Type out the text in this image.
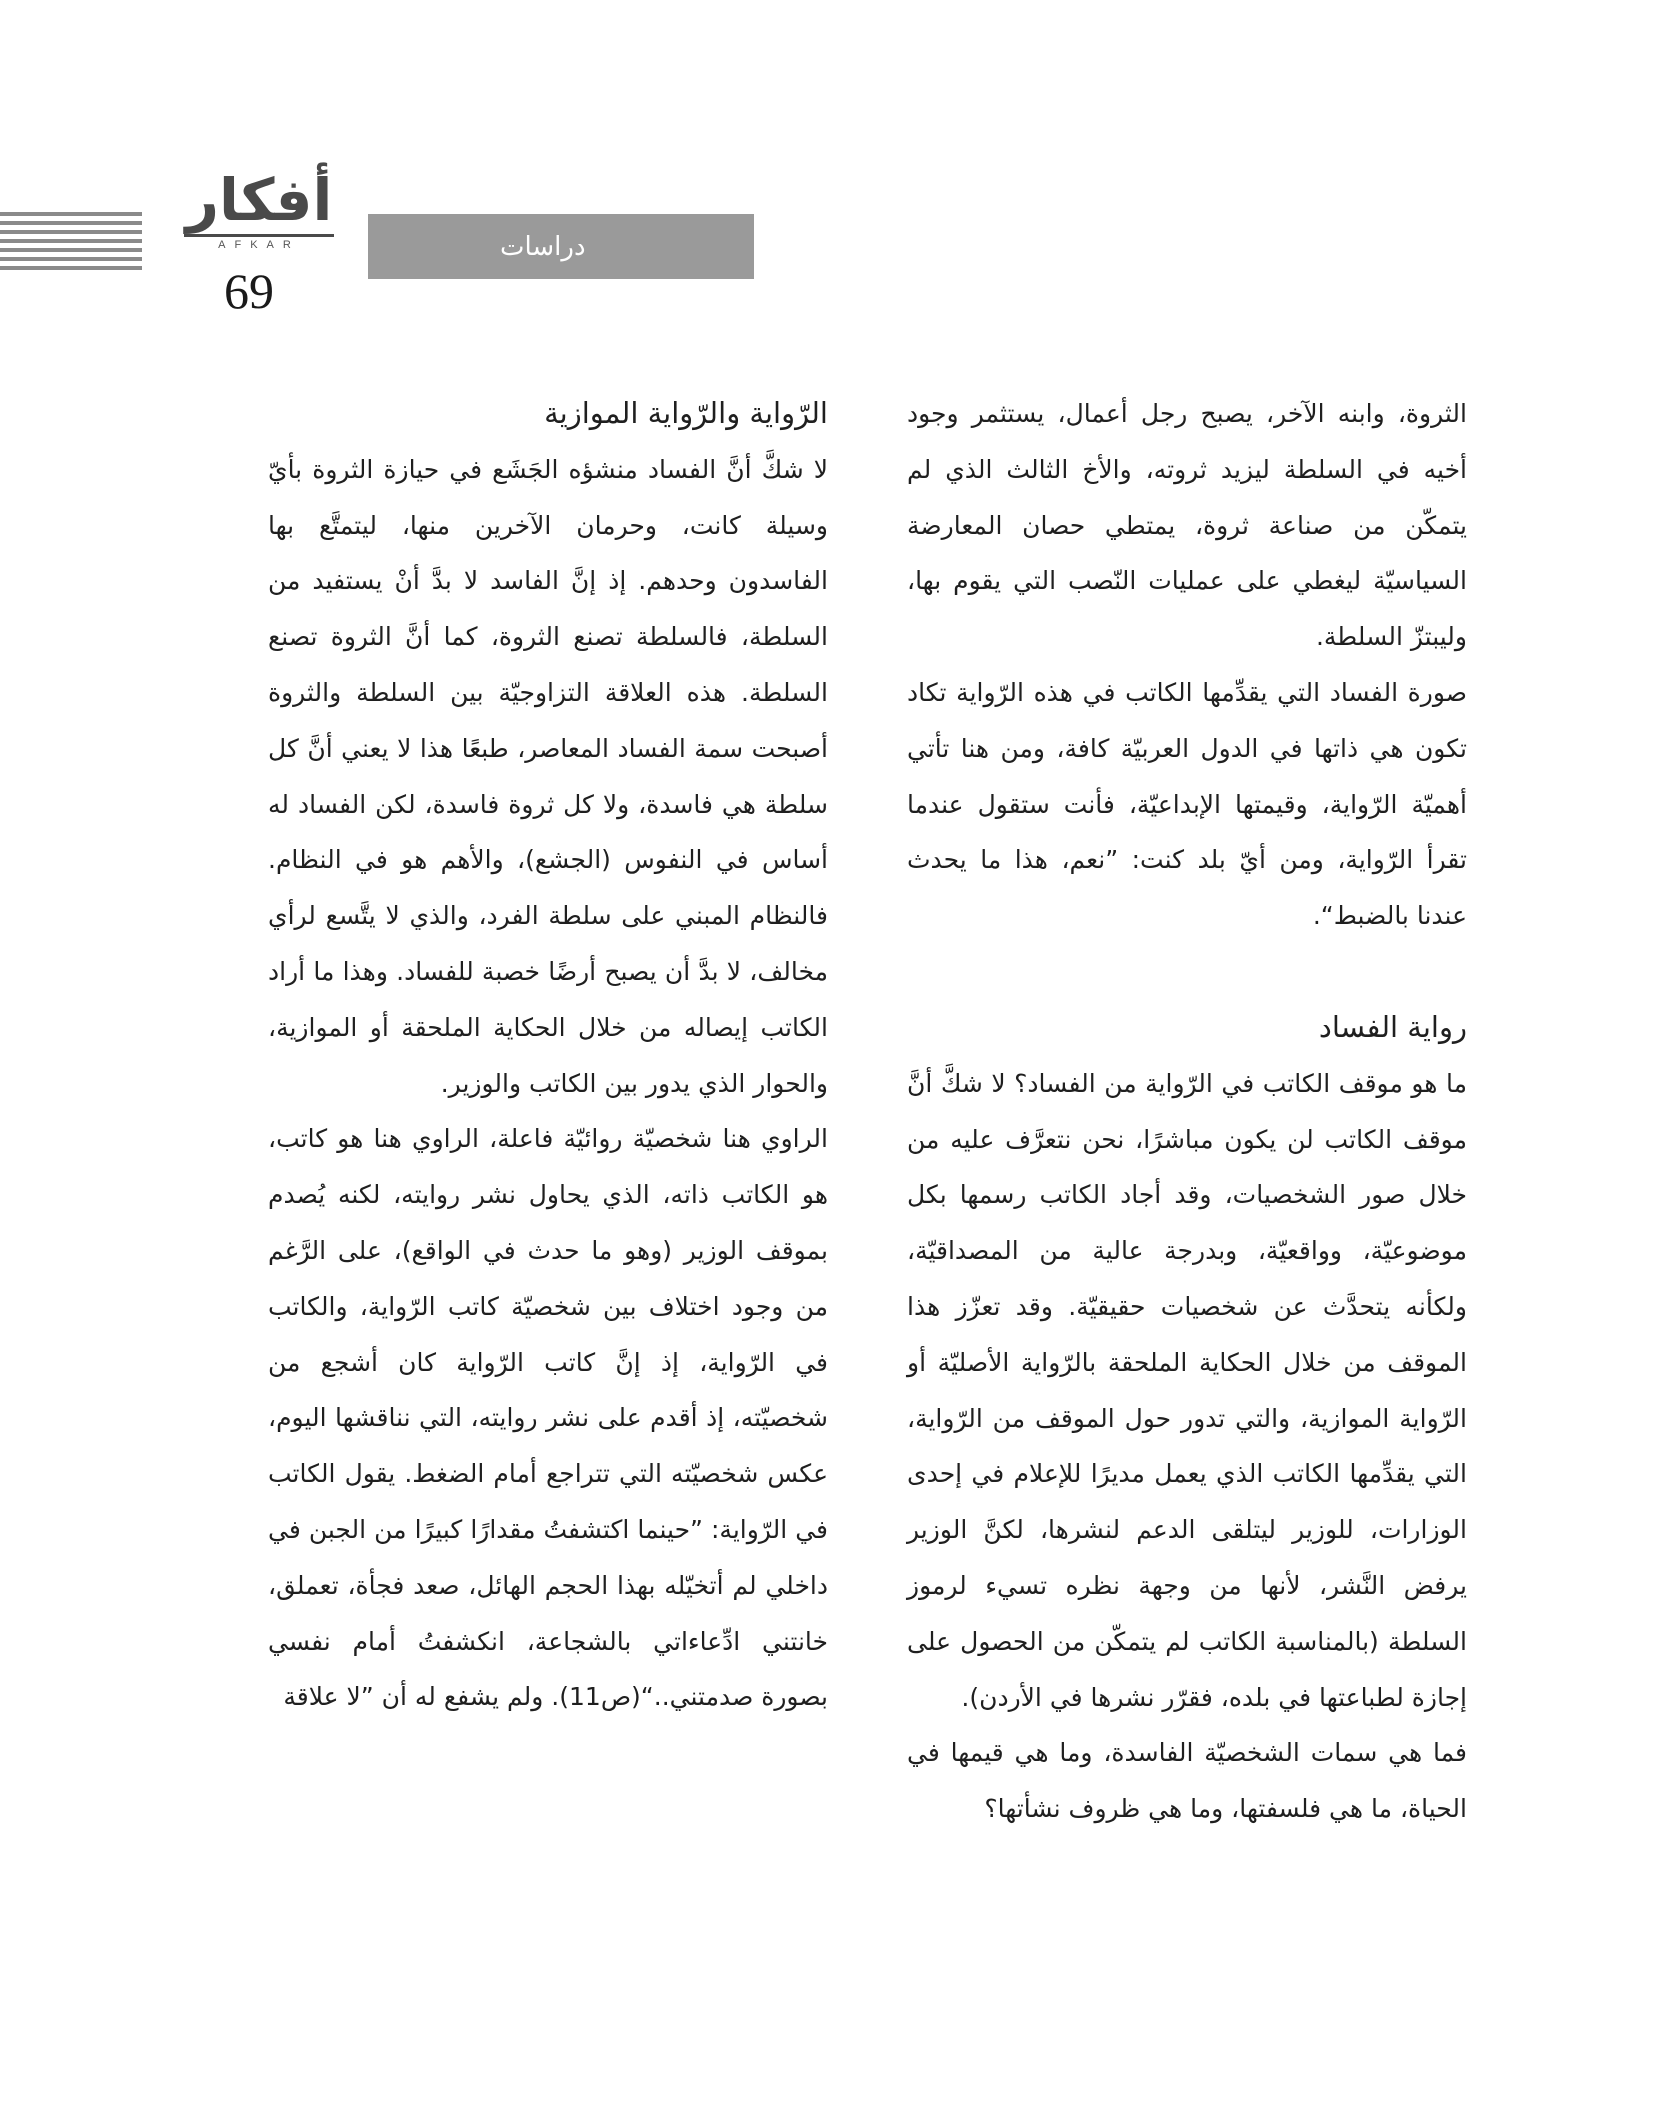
أفكار
AFKAR
69
دراسات

الثروة، وابنه الآخر، يصبح رجل أعمال، يستثمر وجود أخيه في السلطة ليزيد ثروته، والأخ الثالث الذي لم يتمكّن من صناعة ثروة، يمتطي حصان المعارضة السياسيّة ليغطي على عمليات النّصب التي يقوم بها، وليبتزّ السلطة.

صورة الفساد التي يقدِّمها الكاتب في هذه الرّواية تكاد تكون هي ذاتها في الدول العربيّة كافة، ومن هنا تأتي أهميّة الرّواية، وقيمتها الإبداعيّة، فأنت ستقول عندما تقرأ الرّواية، ومن أيّ بلد كنت: ”نعم، هذا ما يحدث عندنا بالضبط“.

رواية الفساد

ما هو موقف الكاتب في الرّواية من الفساد؟ لا شكَّ أنَّ موقف الكاتب لن يكون مباشرًا، نحن نتعرَّف عليه من خلال صور الشخصيات، وقد أجاد الكاتب رسمها بكل موضوعيّة، وواقعيّة، وبدرجة عالية من المصداقيّة، ولكأنه يتحدَّث عن شخصيات حقيقيّة. وقد تعزّز هذا الموقف من خلال الحكاية الملحقة بالرّواية الأصليّة أو الرّواية الموازية، والتي تدور حول الموقف من الرّواية، التي يقدِّمها الكاتب الذي يعمل مديرًا للإعلام في إحدى الوزارات، للوزير ليتلقى الدعم لنشرها، لكنَّ الوزير يرفض النَّشر، لأنها من وجهة نظره تسيء لرموز السلطة (بالمناسبة الكاتب لم يتمكّن من الحصول على إجازة لطباعتها في بلده، فقرّر نشرها في الأردن).

فما هي سمات الشخصيّة الفاسدة، وما هي قيمها في الحياة، ما هي فلسفتها، وما هي ظروف نشأتها؟

الرّواية والرّواية الموازية

لا شكَّ أنَّ الفساد منشؤه الجَشَع في حيازة الثروة بأيّ وسيلة كانت، وحرمان الآخرين منها، ليتمتَّع بها الفاسدون وحدهم. إذ إنَّ الفاسد لا بدَّ أنْ يستفيد من السلطة، فالسلطة تصنع الثروة، كما أنَّ الثروة تصنع السلطة. هذه العلاقة التزاوجيّة بين السلطة والثروة أصبحت سمة الفساد المعاصر، طبعًا هذا لا يعني أنَّ كل سلطة هي فاسدة، ولا كل ثروة فاسدة، لكن الفساد له أساس في النفوس (الجشع)، والأهم هو في النظام. فالنظام المبني على سلطة الفرد، والذي لا يتَّسع لرأي مخالف، لا بدَّ أن يصبح أرضًا خصبة للفساد. وهذا ما أراد الكاتب إيصاله من خلال الحكاية الملحقة أو الموازية، والحوار الذي يدور بين الكاتب والوزير.

الراوي هنا شخصيّة روائيّة فاعلة، الراوي هنا هو كاتب، هو الكاتب ذاته، الذي يحاول نشر روايته، لكنه يُصدم بموقف الوزير (وهو ما حدث في الواقع)، على الرَّغم من وجود اختلاف بين شخصيّة كاتب الرّواية، والكاتب في الرّواية، إذ إنَّ كاتب الرّواية كان أشجع من شخصيّته، إذ أقدم على نشر روايته، التي نناقشها اليوم، عكس شخصيّته التي تتراجع أمام الضغط. يقول الكاتب في الرّواية: ”حينما اكتشفتُ مقدارًا كبيرًا من الجبن في داخلي لم أتخيّله بهذا الحجم الهائل، صعد فجأة، تعملق، خانتني ادِّعاءاتي بالشجاعة، انكشفتُ أمام نفسي بصورة صدمتني..“(ص11). ولم يشفع له أن ”لا علاقة
